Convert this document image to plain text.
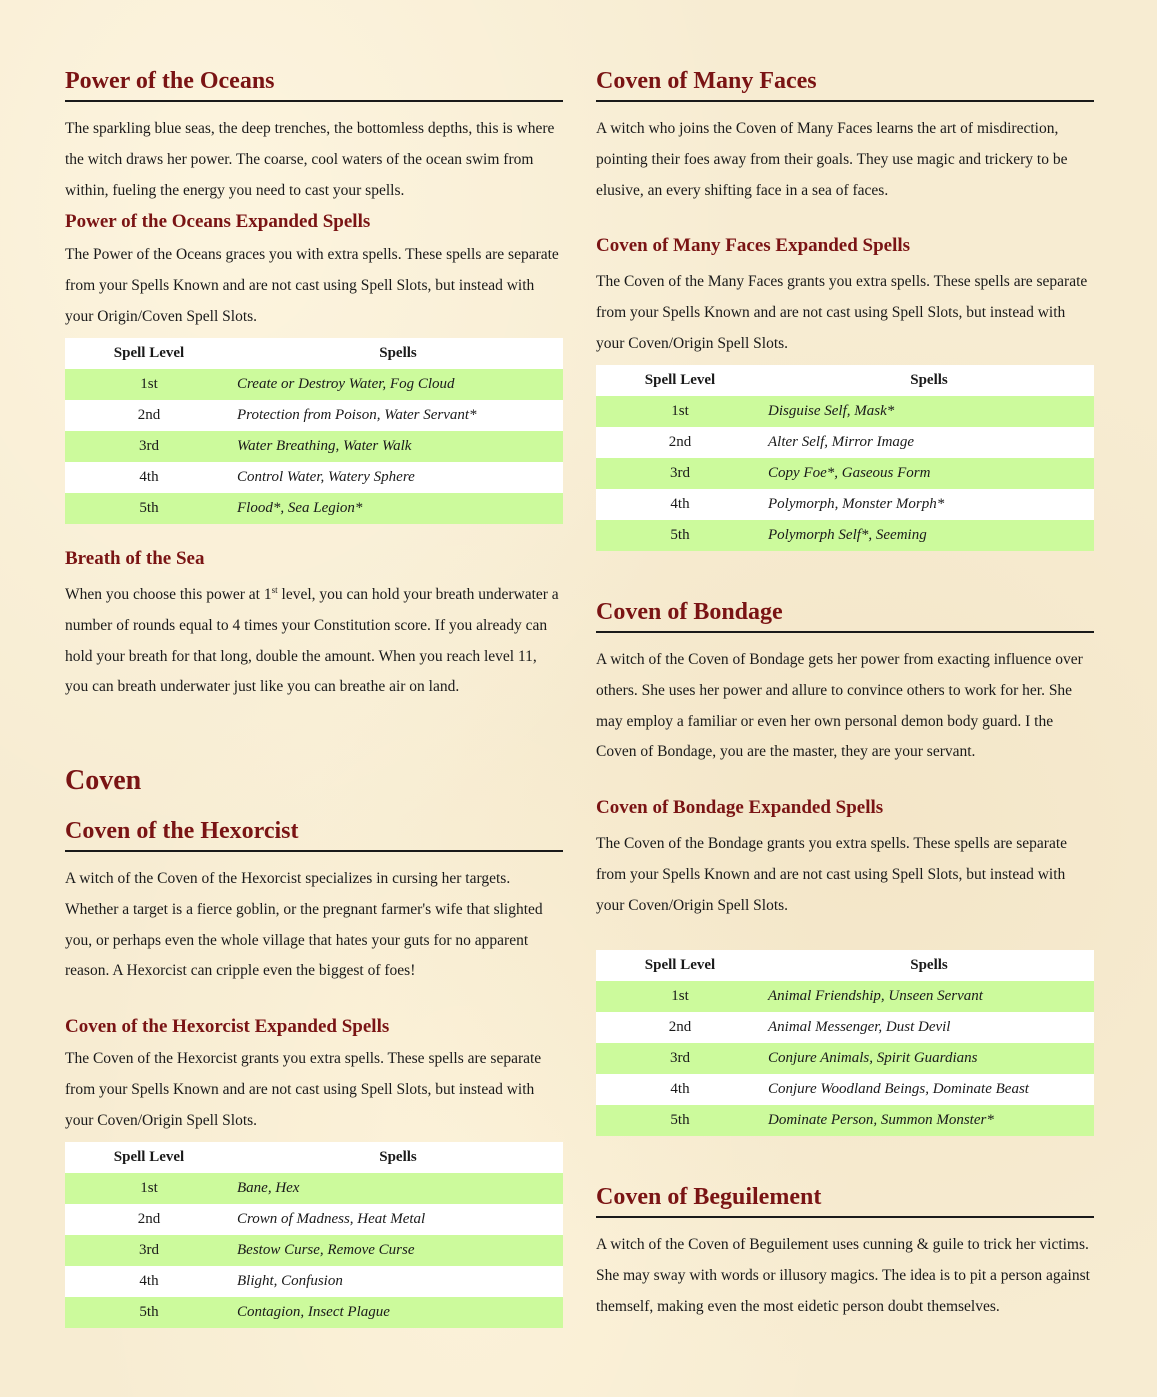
Power of the Oceans
The sparkling blue seas, the deep trenches, the bottomless depths, this is where the witch draws her power. The coarse, cool waters of the ocean swim from within, fueling the energy you need to cast your spells.
Power of the Oceans Expanded Spells
The Power of the Oceans graces you with extra spells. These spells are separate from your Spells Known and are not cast using Spell Slots, but instead with your Origin/Coven Spell Slots.
Spell Level	Spells
1st	Create or Destroy Water, Fog Cloud
2nd	Protection from Poison, Water Servant*
3rd	Water Breathing, Water Walk
4th	Control Water, Watery Sphere
5th	Flood*, Sea Legion*
Breath of the Sea
When you choose this power at 1st level, you can hold your breath underwater a number of rounds equal to 4 times your Constitution score. If you already can hold your breath for that long, double the amount. When you reach level 11, you can breath underwater just like you can breathe air on land.
Coven
Coven of the Hexorcist
A witch of the Coven of the Hexorcist specializes in cursing her targets. Whether a target is a fierce goblin, or the pregnant farmer's wife that slighted you, or perhaps even the whole village that hates your guts for no apparent reason. A Hexorcist can cripple even the biggest of foes!
Coven of the Hexorcist Expanded Spells
The Coven of the Hexorcist grants you extra spells. These spells are separate from your Spells Known and are not cast using Spell Slots, but instead with your Coven/Origin Spell Slots.
Spell Level	Spells
1st	Bane, Hex
2nd	Crown of Madness, Heat Metal
3rd	Bestow Curse, Remove Curse
4th	Blight, Confusion
5th	Contagion, Insect Plague
Coven of Many Faces
A witch who joins the Coven of Many Faces learns the art of misdirection, pointing their foes away from their goals. They use magic and trickery to be elusive, an every shifting face in a sea of faces.
Coven of Many Faces Expanded Spells
The Coven of the Many Faces grants you extra spells. These spells are separate from your Spells Known and are not cast using Spell Slots, but instead with your Coven/Origin Spell Slots.
Spell Level	Spells
1st	Disguise Self, Mask*
2nd	Alter Self, Mirror Image
3rd	Copy Foe*, Gaseous Form
4th	Polymorph, Monster Morph*
5th	Polymorph Self*, Seeming
Coven of Bondage
A witch of the Coven of Bondage gets her power from exacting influence over others. She uses her power and allure to convince others to work for her. She may employ a familiar or even her own personal demon body guard. I the Coven of Bondage, you are the master, they are your servant.
Coven of Bondage Expanded Spells
The Coven of the Bondage grants you extra spells. These spells are separate from your Spells Known and are not cast using Spell Slots, but instead with your Coven/Origin Spell Slots.
Spell Level	Spells
1st	Animal Friendship, Unseen Servant
2nd	Animal Messenger, Dust Devil
3rd	Conjure Animals, Spirit Guardians
4th	Conjure Woodland Beings, Dominate Beast
5th	Dominate Person, Summon Monster*
Coven of Beguilement
A witch of the Coven of Beguilement uses cunning & guile to trick her victims. She may sway with words or illusory magics. The idea is to pit a person against themself, making even the most eidetic person doubt themselves.
